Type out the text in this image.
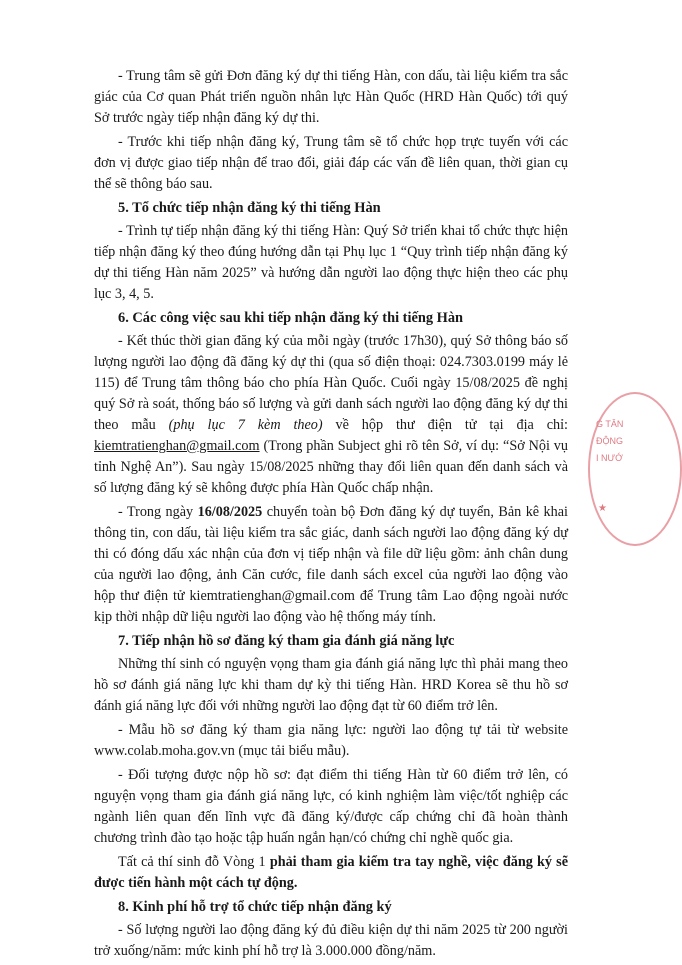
- Trung tâm sẽ gửi Đơn đăng ký dự thi tiếng Hàn, con dấu, tài liệu kiểm tra sắc giác của Cơ quan Phát triển nguồn nhân lực Hàn Quốc (HRD Hàn Quốc) tới quý Sở trước ngày tiếp nhận đăng ký dự thi.

- Trước khi tiếp nhận đăng ký, Trung tâm sẽ tổ chức họp trực tuyến với các đơn vị được giao tiếp nhận để trao đổi, giải đáp các vấn đề liên quan, thời gian cụ thể sẽ thông báo sau.

5. Tổ chức tiếp nhận đăng ký thi tiếng Hàn

- Trình tự tiếp nhận đăng ký thi tiếng Hàn: Quý Sở triển khai tổ chức thực hiện tiếp nhận đăng ký theo đúng hướng dẫn tại Phụ lục 1 “Quy trình tiếp nhận đăng ký dự thi tiếng Hàn năm 2025” và hướng dẫn người lao động thực hiện theo các phụ lục 3, 4, 5.

6. Các công việc sau khi tiếp nhận đăng ký thi tiếng Hàn

- Kết thúc thời gian đăng ký của mỗi ngày (trước 17h30), quý Sở thông báo số lượng người lao động đã đăng ký dự thi (qua số điện thoại: 024.7303.0199 máy lẻ 115) để Trung tâm thông báo cho phía Hàn Quốc. Cuối ngày 15/08/2025 đề nghị quý Sở rà soát, thống báo số lượng và gửi danh sách người lao động đăng ký dự thi theo mẫu (phụ lục 7 kèm theo) về hộp thư điện tử tại địa chỉ: kiemtratienghan@gmail.com (Trong phần Subject ghi rõ tên Sở, ví dụ: “Sở Nội vụ tỉnh Nghệ An”). Sau ngày 15/08/2025 những thay đổi liên quan đến danh sách và số lượng đăng ký sẽ không được phía Hàn Quốc chấp nhận.

- Trong ngày 16/08/2025 chuyển toàn bộ Đơn đăng ký dự tuyển, Bản kê khai thông tin, con dấu, tài liệu kiểm tra sắc giác, danh sách người lao động đăng ký dự thi có đóng dấu xác nhận của đơn vị tiếp nhận và file dữ liệu gồm: ảnh chân dung của người lao động, ảnh Căn cước, file danh sách excel của người lao động vào hộp thư điện tử kiemtratienghan@gmail.com để Trung tâm Lao động ngoài nước kịp thời nhập dữ liệu người lao động vào hệ thống máy tính.

7. Tiếp nhận hồ sơ đăng ký tham gia đánh giá năng lực

Những thí sinh có nguyện vọng tham gia đánh giá năng lực thì phải mang theo hồ sơ đánh giá năng lực khi tham dự kỳ thi tiếng Hàn. HRD Korea sẽ thu hồ sơ đánh giá năng lực đối với những người lao động đạt từ 60 điểm trở lên.

- Mẫu hồ sơ đăng ký tham gia năng lực: người lao động tự tải từ website www.colab.moha.gov.vn (mục tải biểu mẫu).

- Đối tượng được nộp hồ sơ: đạt điểm thi tiếng Hàn từ 60 điểm trở lên, có nguyện vọng tham gia đánh giá năng lực, có kinh nghiệm làm việc/tốt nghiệp các ngành liên quan đến lĩnh vực đã đăng ký/được cấp chứng chỉ đã hoàn thành chương trình đào tạo hoặc tập huấn ngắn hạn/có chứng chỉ nghề quốc gia.

Tất cả thí sinh đỗ Vòng 1 phải tham gia kiểm tra tay nghề, việc đăng ký sẽ được tiến hành một cách tự động.

8. Kinh phí hỗ trợ tổ chức tiếp nhận đăng ký

- Số lượng người lao động đăng ký đủ điều kiện dự thi năm 2025 từ 200 người trở xuống/năm: mức kinh phí hỗ trợ là 3.000.000 đồng/năm.

G TÂN
ĐỘNG
I NƯỚ
★
